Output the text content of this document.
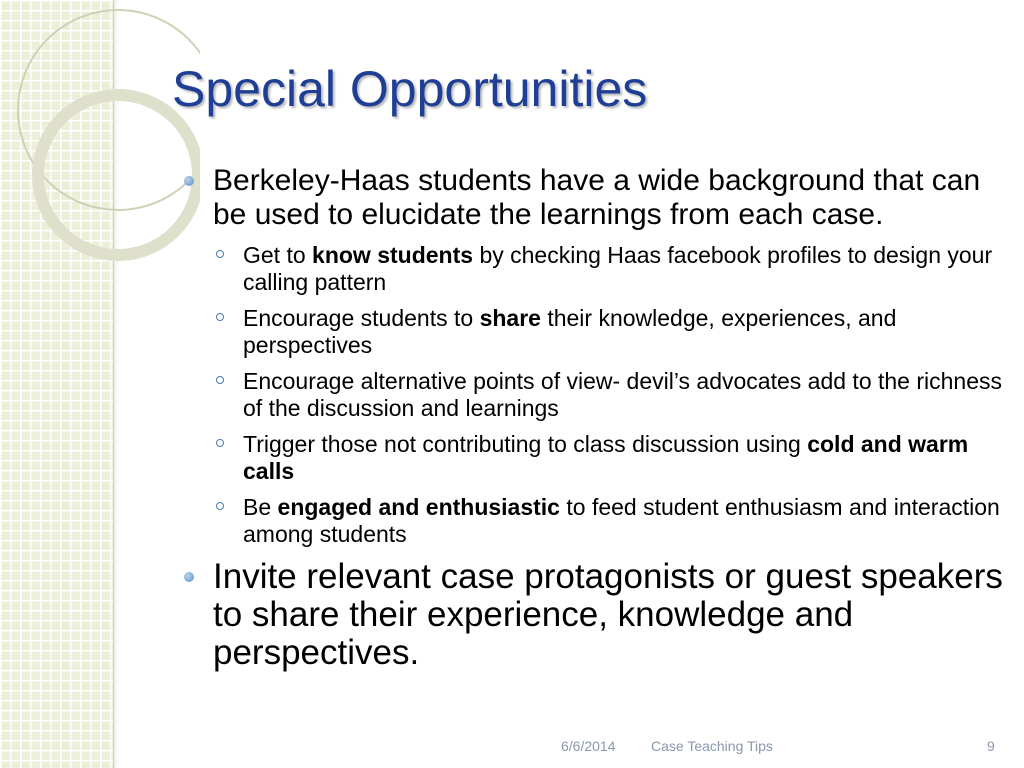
Special Opportunities
Berkeley-Haas students have a wide background that can be used to elucidate the learnings from each case.
Get to know students by checking Haas facebook profiles to design your calling pattern
Encourage students to share their knowledge, experiences, and perspectives
Encourage alternative points of view- devil’s advocates add to the richness of the discussion and learnings
Trigger those not contributing to class discussion using cold and warm calls
Be engaged and enthusiastic to feed student enthusiasm and interaction among students
Invite relevant case protagonists or guest speakers to share their experience, knowledge and perspectives.
6/6/2014	Case Teaching Tips	9
